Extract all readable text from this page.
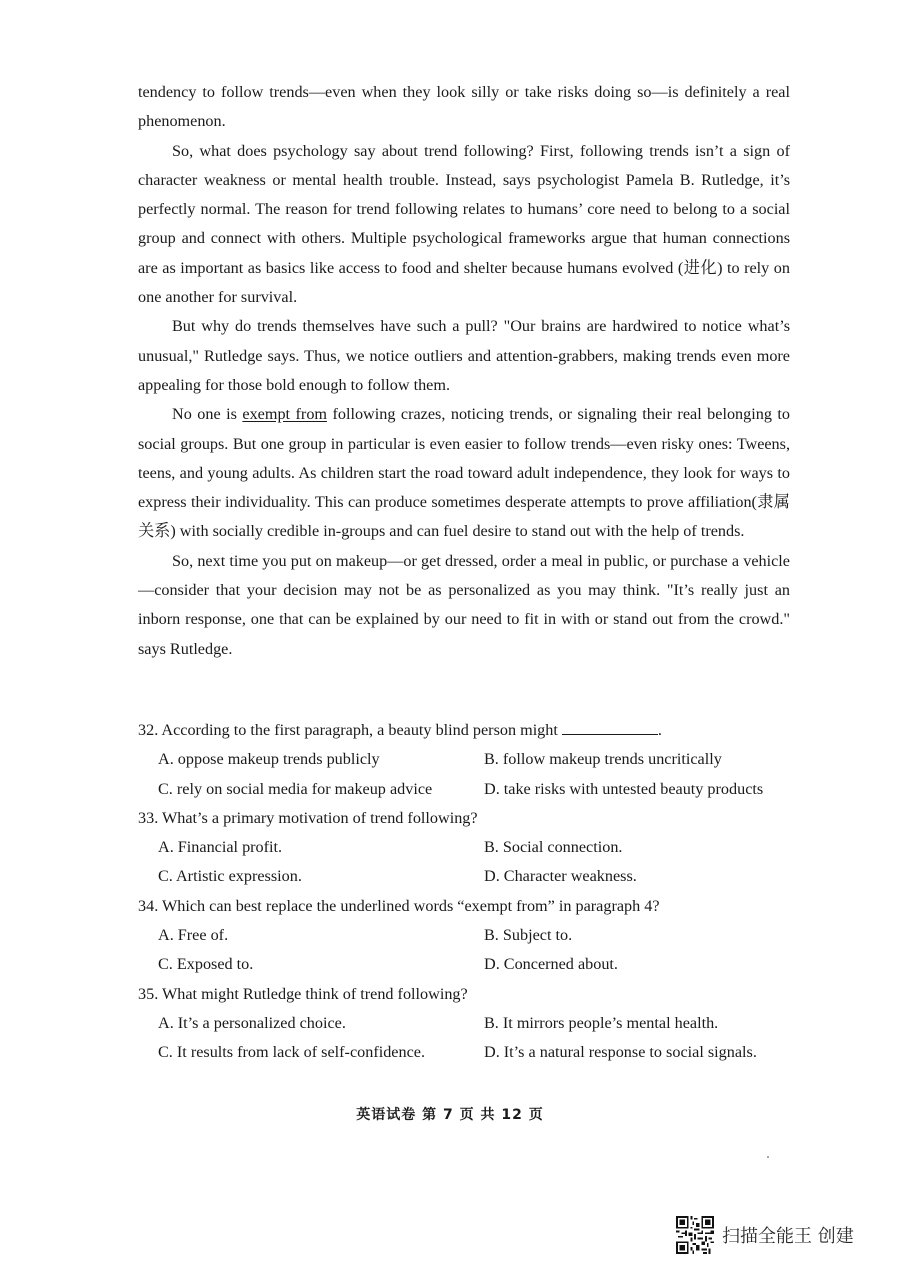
tendency to follow trends—even when they look silly or take risks doing so—is definitely a real phenomenon.

So, what does psychology say about trend following? First, following trends isn’t a sign of character weakness or mental health trouble. Instead, says psychologist Pamela B. Rutledge, it’s perfectly normal. The reason for trend following relates to humans’ core need to belong to a social group and connect with others. Multiple psychological frameworks argue that human connections are as important as basics like access to food and shelter because humans evolved (进化) to rely on one another for survival.

But why do trends themselves have such a pull? "Our brains are hardwired to notice what’s unusual," Rutledge says. Thus, we notice outliers and attention-grabbers, making trends even more appealing for those bold enough to follow them.

No one is exempt from following crazes, noticing trends, or signaling their real belonging to social groups. But one group in particular is even easier to follow trends—even risky ones: Tweens, teens, and young adults. As children start the road toward adult independence, they look for ways to express their individuality. This can produce sometimes desperate attempts to prove affiliation(隶属关系) with socially credible in-groups and can fuel desire to stand out with the help of trends.

So, next time you put on makeup—or get dressed, order a meal in public, or purchase a vehicle—consider that your decision may not be as personalized as you may think. "It’s really just an inborn response, one that can be explained by our need to fit in with or stand out from the crowd." says Rutledge.

32. According to the first paragraph, a beauty blind person might	.

A. oppose makeup trends publicly	B. follow makeup trends uncritically
C. rely on social media for makeup advice	D. take risks with untested beauty products

33. What’s a primary motivation of trend following?

A. Financial profit.	B. Social connection.
C. Artistic expression.	D. Character weakness.

34. Which can best replace the underlined words “exempt from” in paragraph 4?

A. Free of.	B. Subject to.
C. Exposed to.	D. Concerned about.

35. What might Rutledge think of trend following?

A. It’s a personalized choice.	B. It mirrors people’s mental health.
C. It results from lack of self-confidence.	D. It’s a natural response to social signals.
英语试卷 第 7 页 共 12 页
扫描全能王 创建
